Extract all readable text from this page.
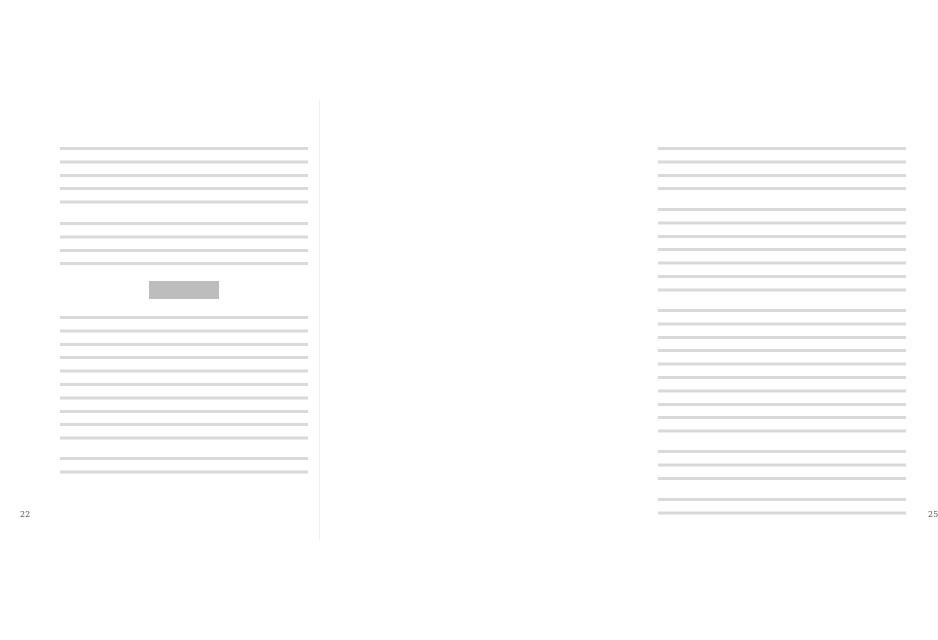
22	25
